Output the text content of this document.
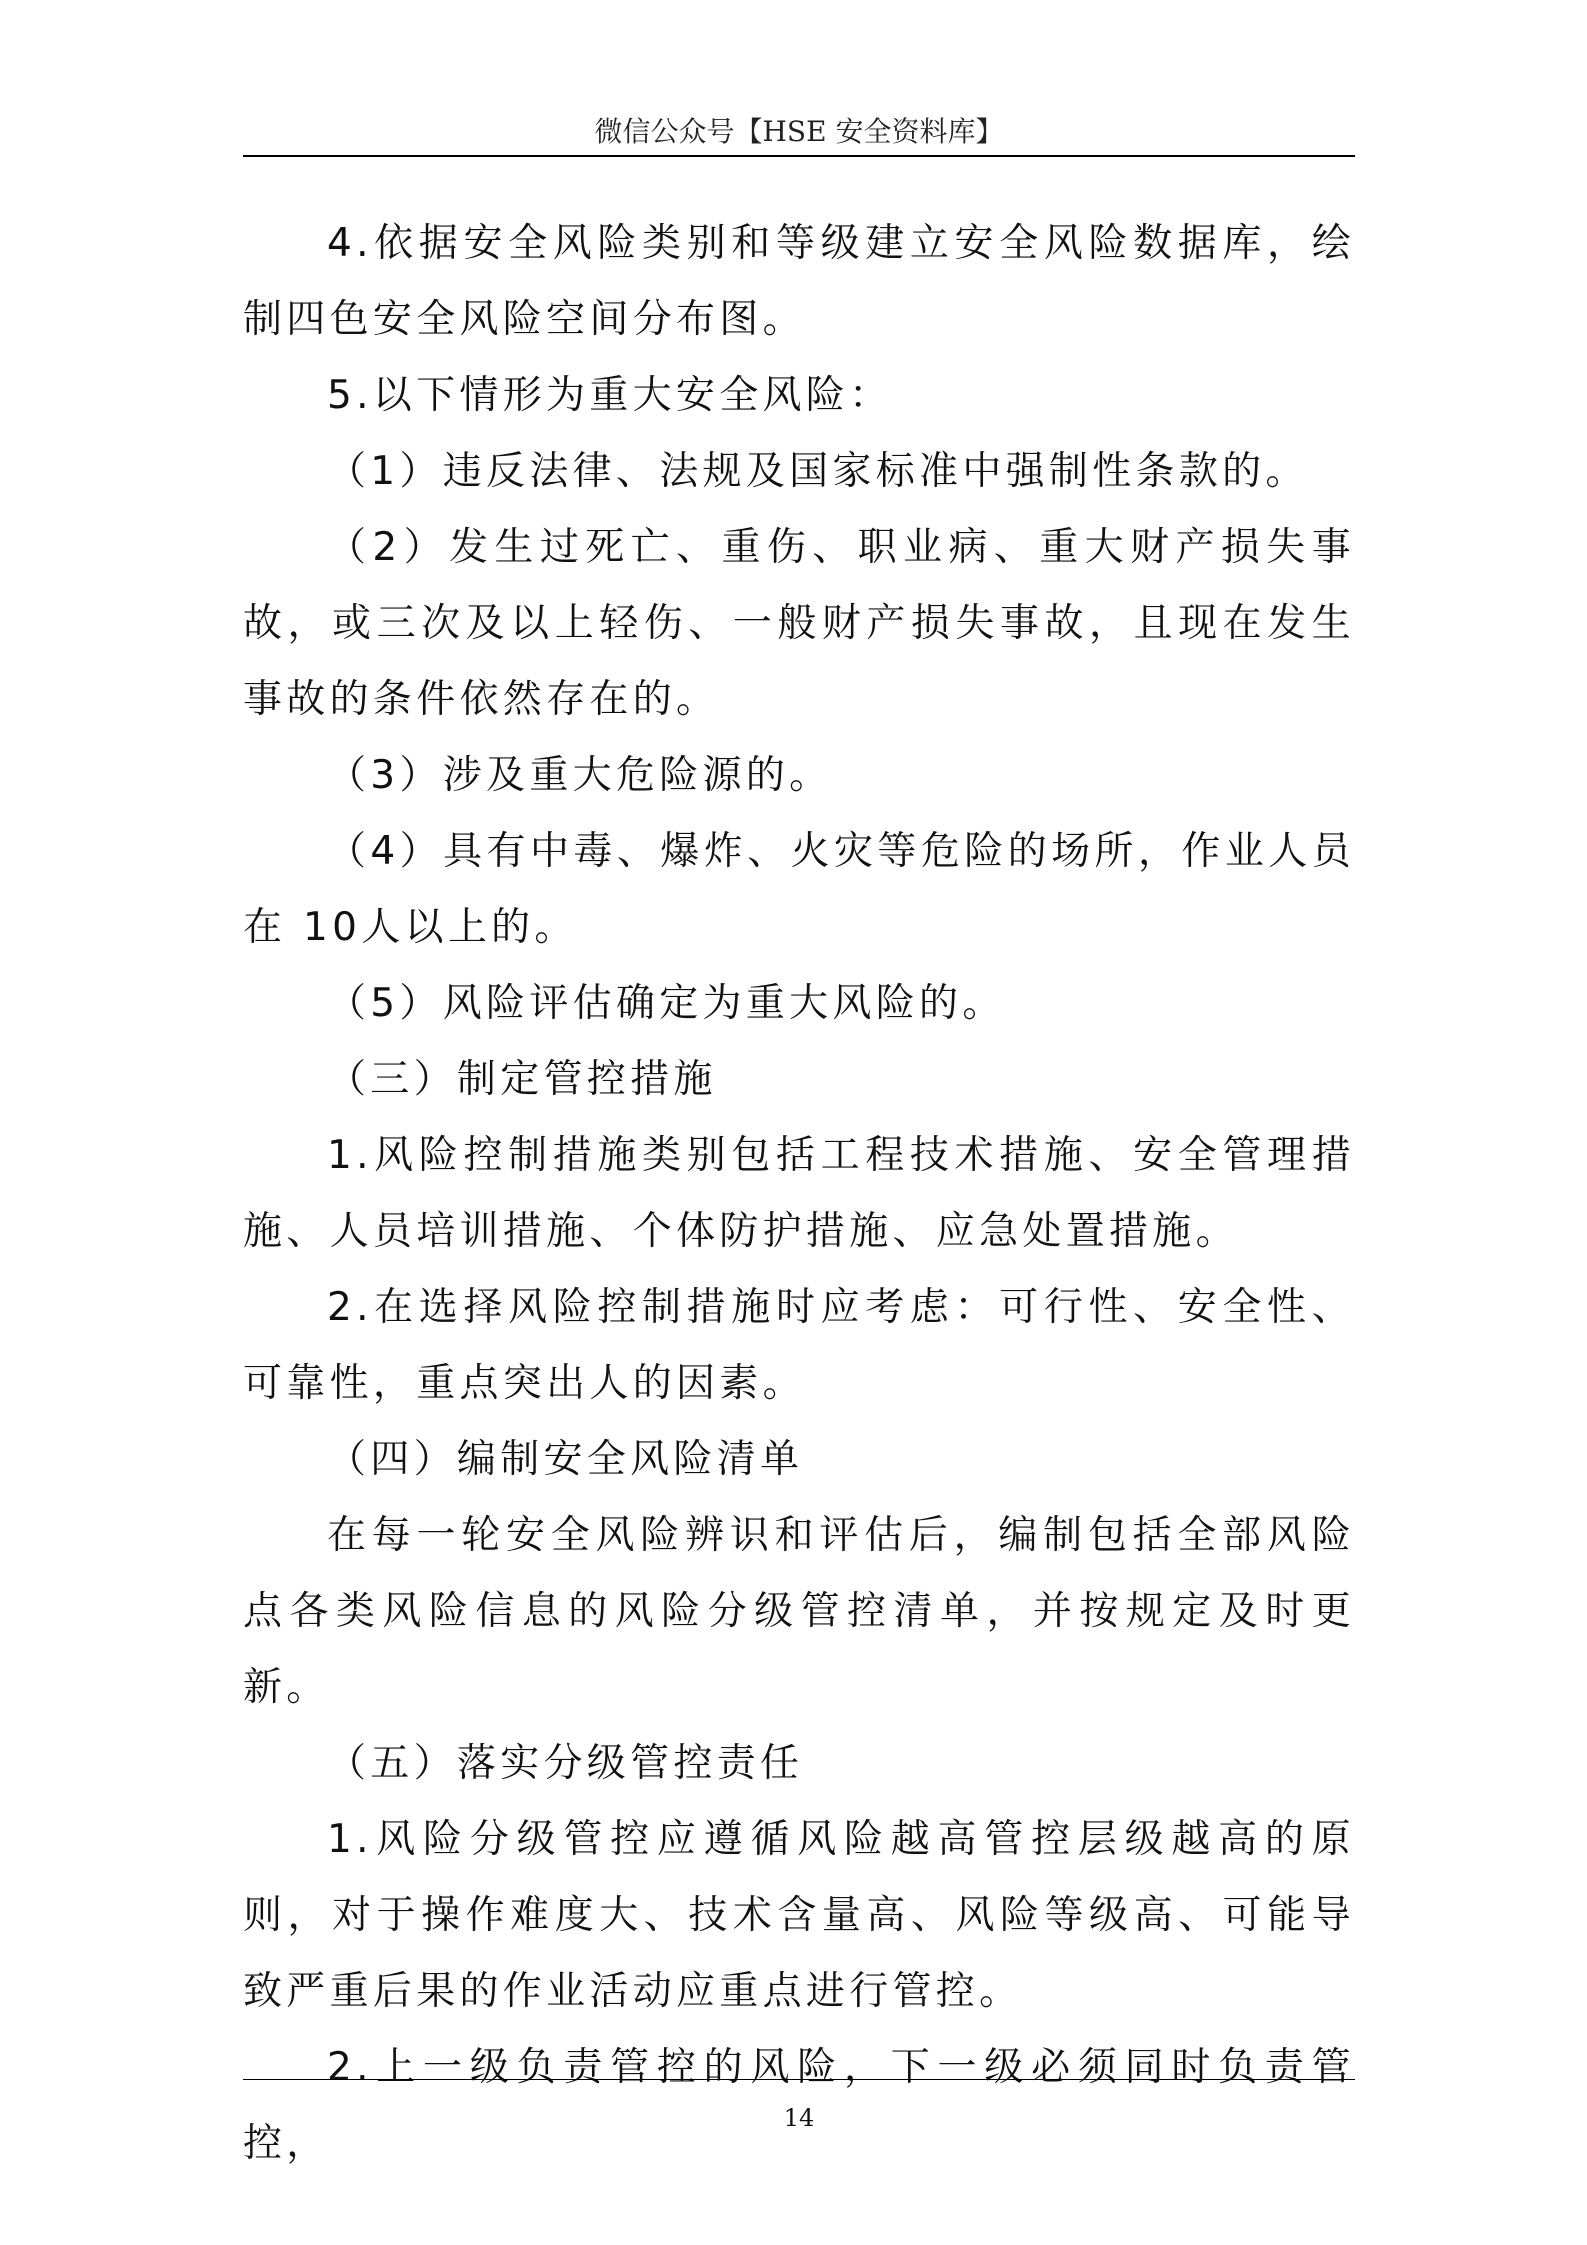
微信公众号【HSE 安全资料库】

4.依据安全风险类别和等级建立安全风险数据库，绘制四色安全风险空间分布图。

5.以下情形为重大安全风险：

（1）违反法律、法规及国家标准中强制性条款的。

（2）发生过死亡、重伤、职业病、重大财产损失事故，或三次及以上轻伤、一般财产损失事故，且现在发生事故的条件依然存在的。

（3）涉及重大危险源的。

（4）具有中毒、爆炸、火灾等危险的场所，作业人员在 10人以上的。

（5）风险评估确定为重大风险的。

（三）制定管控措施

1.风险控制措施类别包括工程技术措施、安全管理措施、人员培训措施、个体防护措施、应急处置措施。

2.在选择风险控制措施时应考虑：可行性、安全性、可靠性，重点突出人的因素。

（四）编制安全风险清单

在每一轮安全风险辨识和评估后，编制包括全部风险点各类风险信息的风险分级管控清单，并按规定及时更新。

（五）落实分级管控责任

1.风险分级管控应遵循风险越高管控层级越高的原则，对于操作难度大、技术含量高、风险等级高、可能导致严重后果的作业活动应重点进行管控。

2.上一级负责管控的风险，下一级必须同时负责管控，

14
